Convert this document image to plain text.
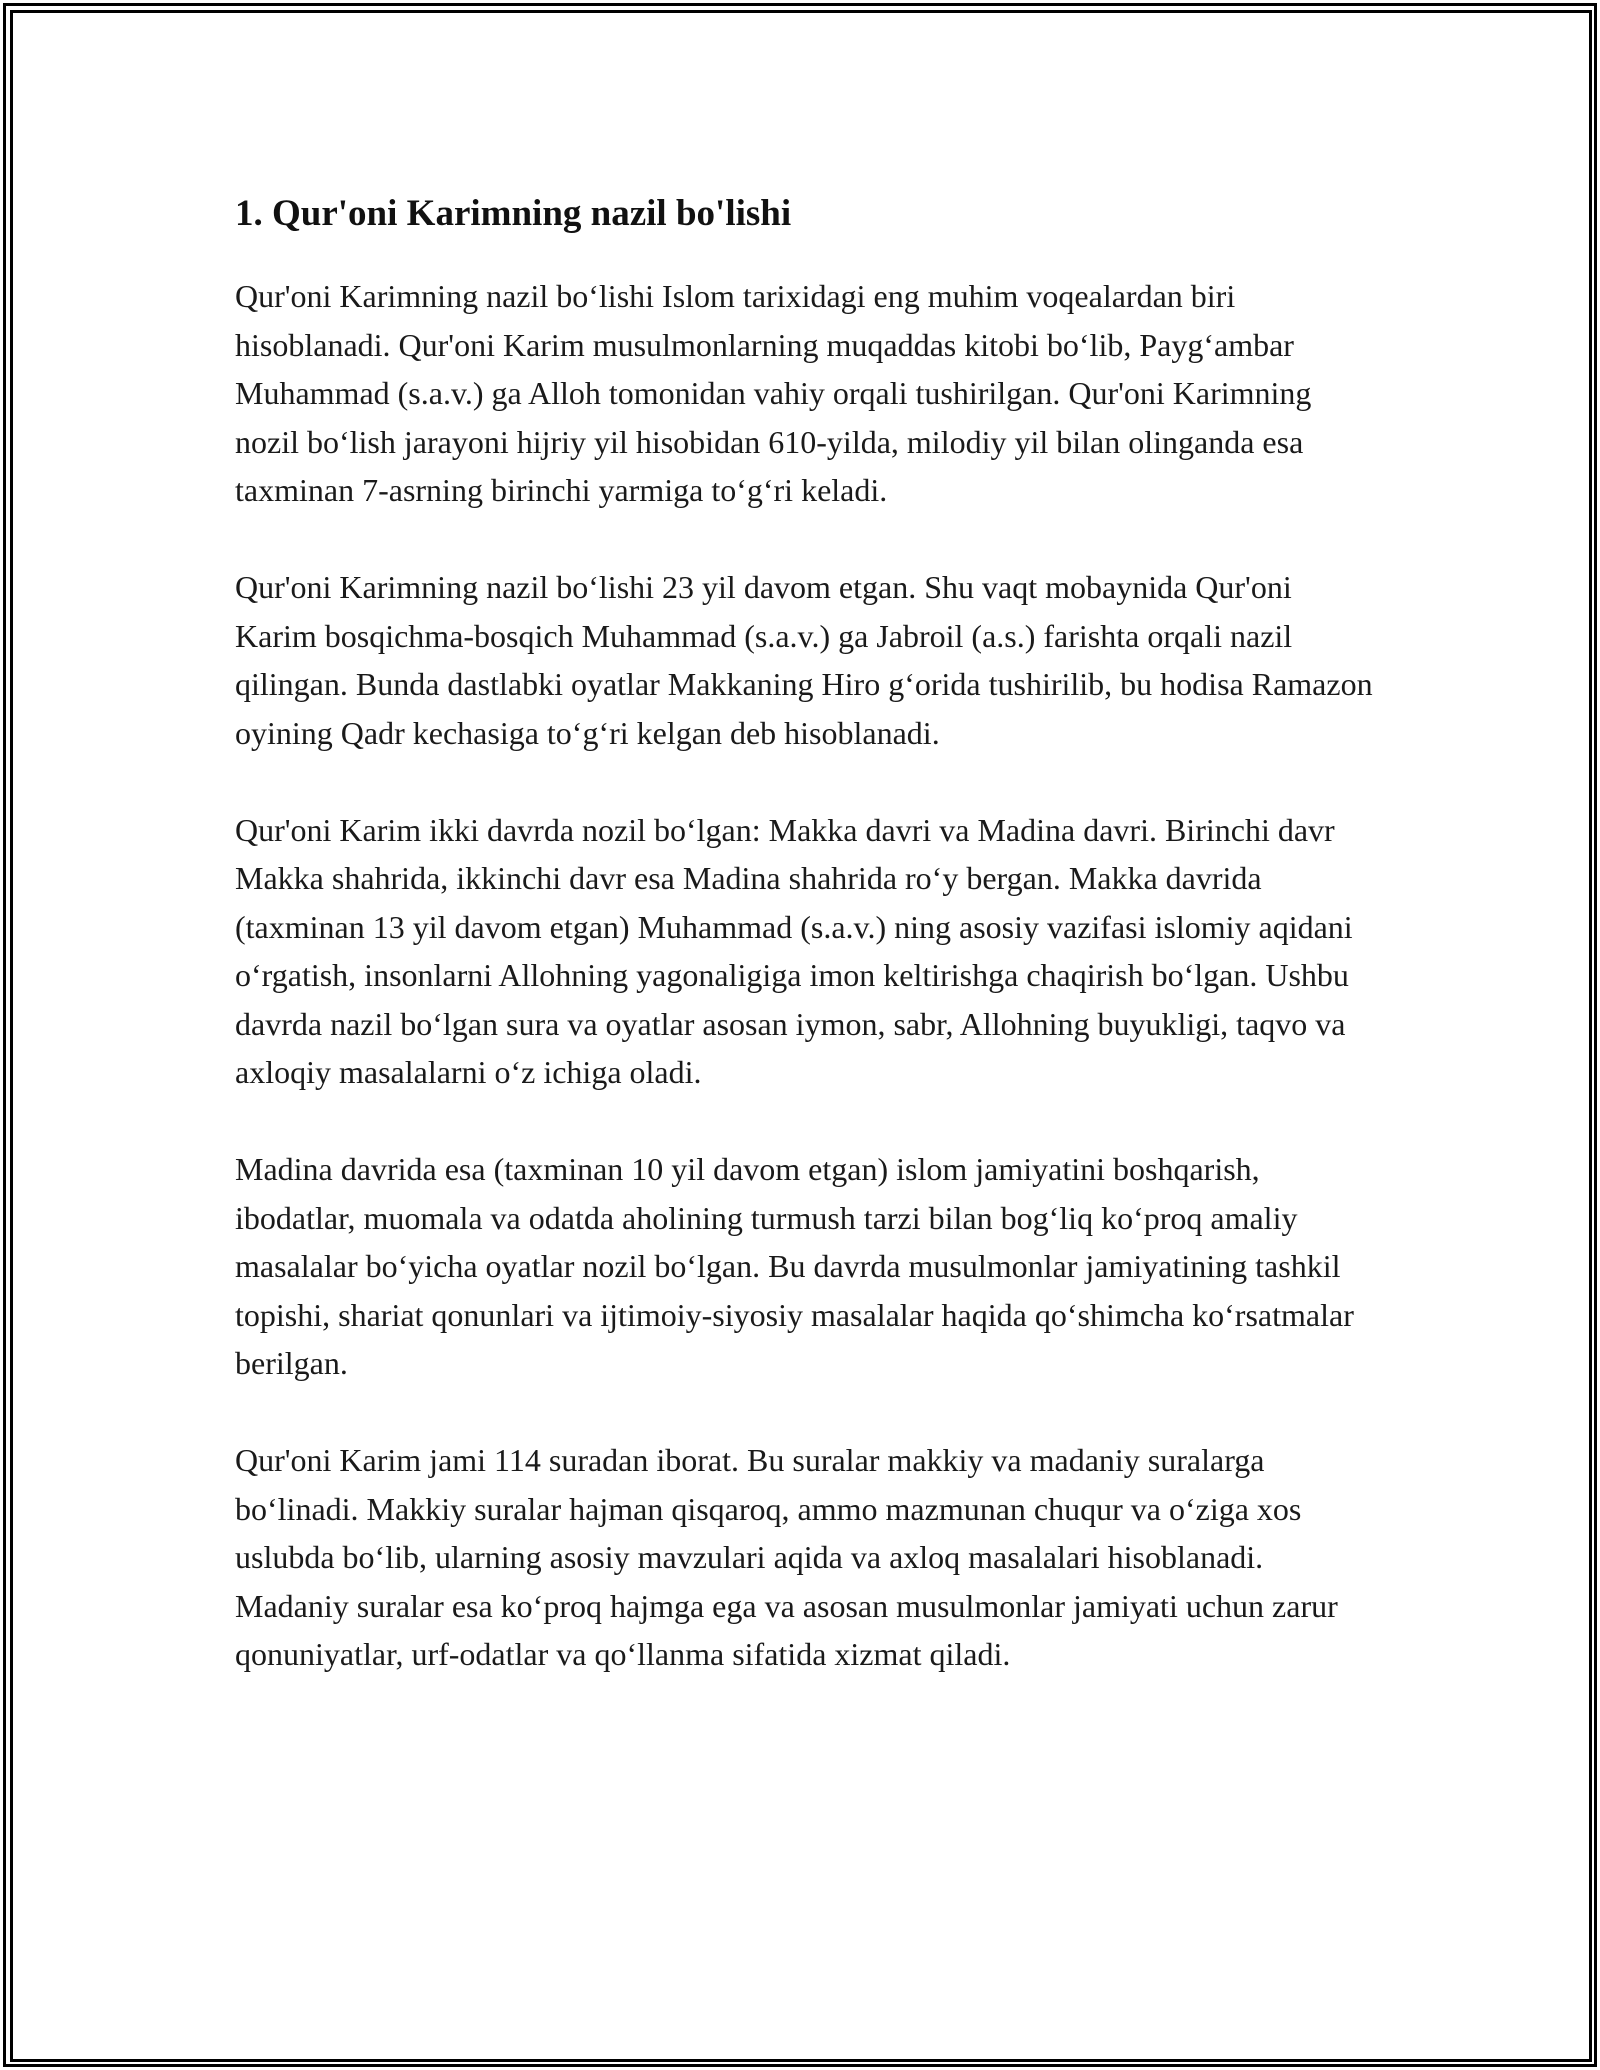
1. Qur'oni Karimning nazil bo'lishi

Qur'oni Karimning nazil bo‘lishi Islom tarixidagi eng muhim voqealardan biri hisoblanadi. Qur'oni Karim musulmonlarning muqaddas kitobi bo‘lib, Payg‘ambar Muhammad (s.a.v.) ga Alloh tomonidan vahiy orqali tushirilgan. Qur'oni Karimning nozil bo‘lish jarayoni hijriy yil hisobidan 610-yilda, milodiy yil bilan olinganda esa taxminan 7-asrning birinchi yarmiga to‘g‘ri keladi.

Qur'oni Karimning nazil bo‘lishi 23 yil davom etgan. Shu vaqt mobaynida Qur'oni Karim bosqichma-bosqich Muhammad (s.a.v.) ga Jabroil (a.s.) farishta orqali nazil qilingan. Bunda dastlabki oyatlar Makkaning Hiro g‘orida tushirilib, bu hodisa Ramazon oyining Qadr kechasiga to‘g‘ri kelgan deb hisoblanadi.

Qur'oni Karim ikki davrda nozil bo‘lgan: Makka davri va Madina davri. Birinchi davr Makka shahrida, ikkinchi davr esa Madina shahrida ro‘y bergan. Makka davrida (taxminan 13 yil davom etgan) Muhammad (s.a.v.) ning asosiy vazifasi islomiy aqidani o‘rgatish, insonlarni Allohning yagonaligiga imon keltirishga chaqirish bo‘lgan. Ushbu davrda nazil bo‘lgan sura va oyatlar asosan iymon, sabr, Allohning buyukligi, taqvo va axloqiy masalalarni o‘z ichiga oladi.

Madina davrida esa (taxminan 10 yil davom etgan) islom jamiyatini boshqarish, ibodatlar, muomala va odatda aholining turmush tarzi bilan bog‘liq ko‘proq amaliy masalalar bo‘yicha oyatlar nozil bo‘lgan. Bu davrda musulmonlar jamiyatining tashkil topishi, shariat qonunlari va ijtimoiy-siyosiy masalalar haqida qo‘shimcha ko‘rsatmalar berilgan.

Qur'oni Karim jami 114 suradan iborat. Bu suralar makkiy va madaniy suralarga bo‘linadi. Makkiy suralar hajman qisqaroq, ammo mazmunan chuqur va o‘ziga xos uslubda bo‘lib, ularning asosiy mavzulari aqida va axloq masalalari hisoblanadi. Madaniy suralar esa ko‘proq hajmga ega va asosan musulmonlar jamiyati uchun zarur qonuniyatlar, urf-odatlar va qo‘llanma sifatida xizmat qiladi.
